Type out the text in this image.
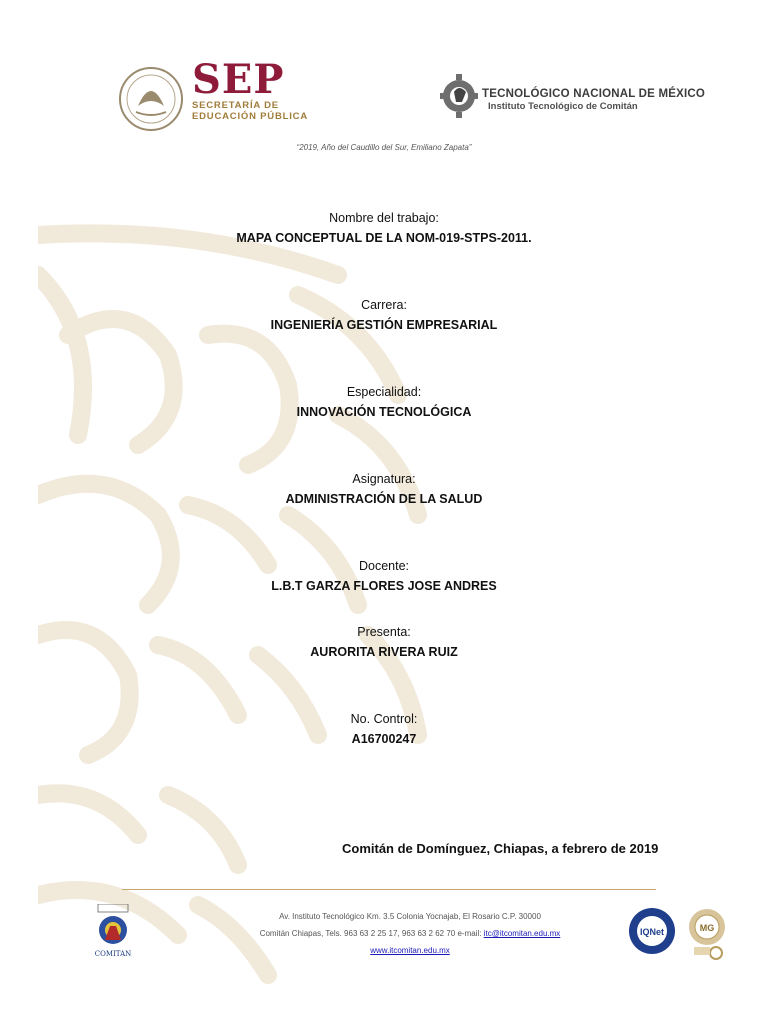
SEP
SECRETARÍA DE
EDUCACIÓN PÚBLICA
TECNOLÓGICO NACIONAL DE MÉXICO
Instituto Tecnológico de Comitán
“2019, Año del Caudillo del Sur, Emiliano Zapata”
Nombre del trabajo:
MAPA CONCEPTUAL DE LA NOM-019-STPS-2011.
Carrera:
INGENIERÍA GESTIÓN EMPRESARIAL
Especialidad:
INNOVACIÓN TECNOLÓGICA
Asignatura:
ADMINISTRACIÓN DE LA SALUD
Docente:
L.B.T GARZA FLORES JOSE ANDRES
Presenta:
AURORITA RIVERA RUIZ
No. Control:
A16700247
Comitán de Domínguez, Chiapas, a febrero de 2019
COMITAN
Av. Instituto Tecnológico Km. 3.5 Colonia Yocnajab, El Rosario C.P. 30000
Comitán Chiapas, Tels. 963 63 2 25 17, 963 63 2 62 70 e-mail: itc@itcomitan.edu.mx
www.itcomitan.edu.mx
IQNet	MG
